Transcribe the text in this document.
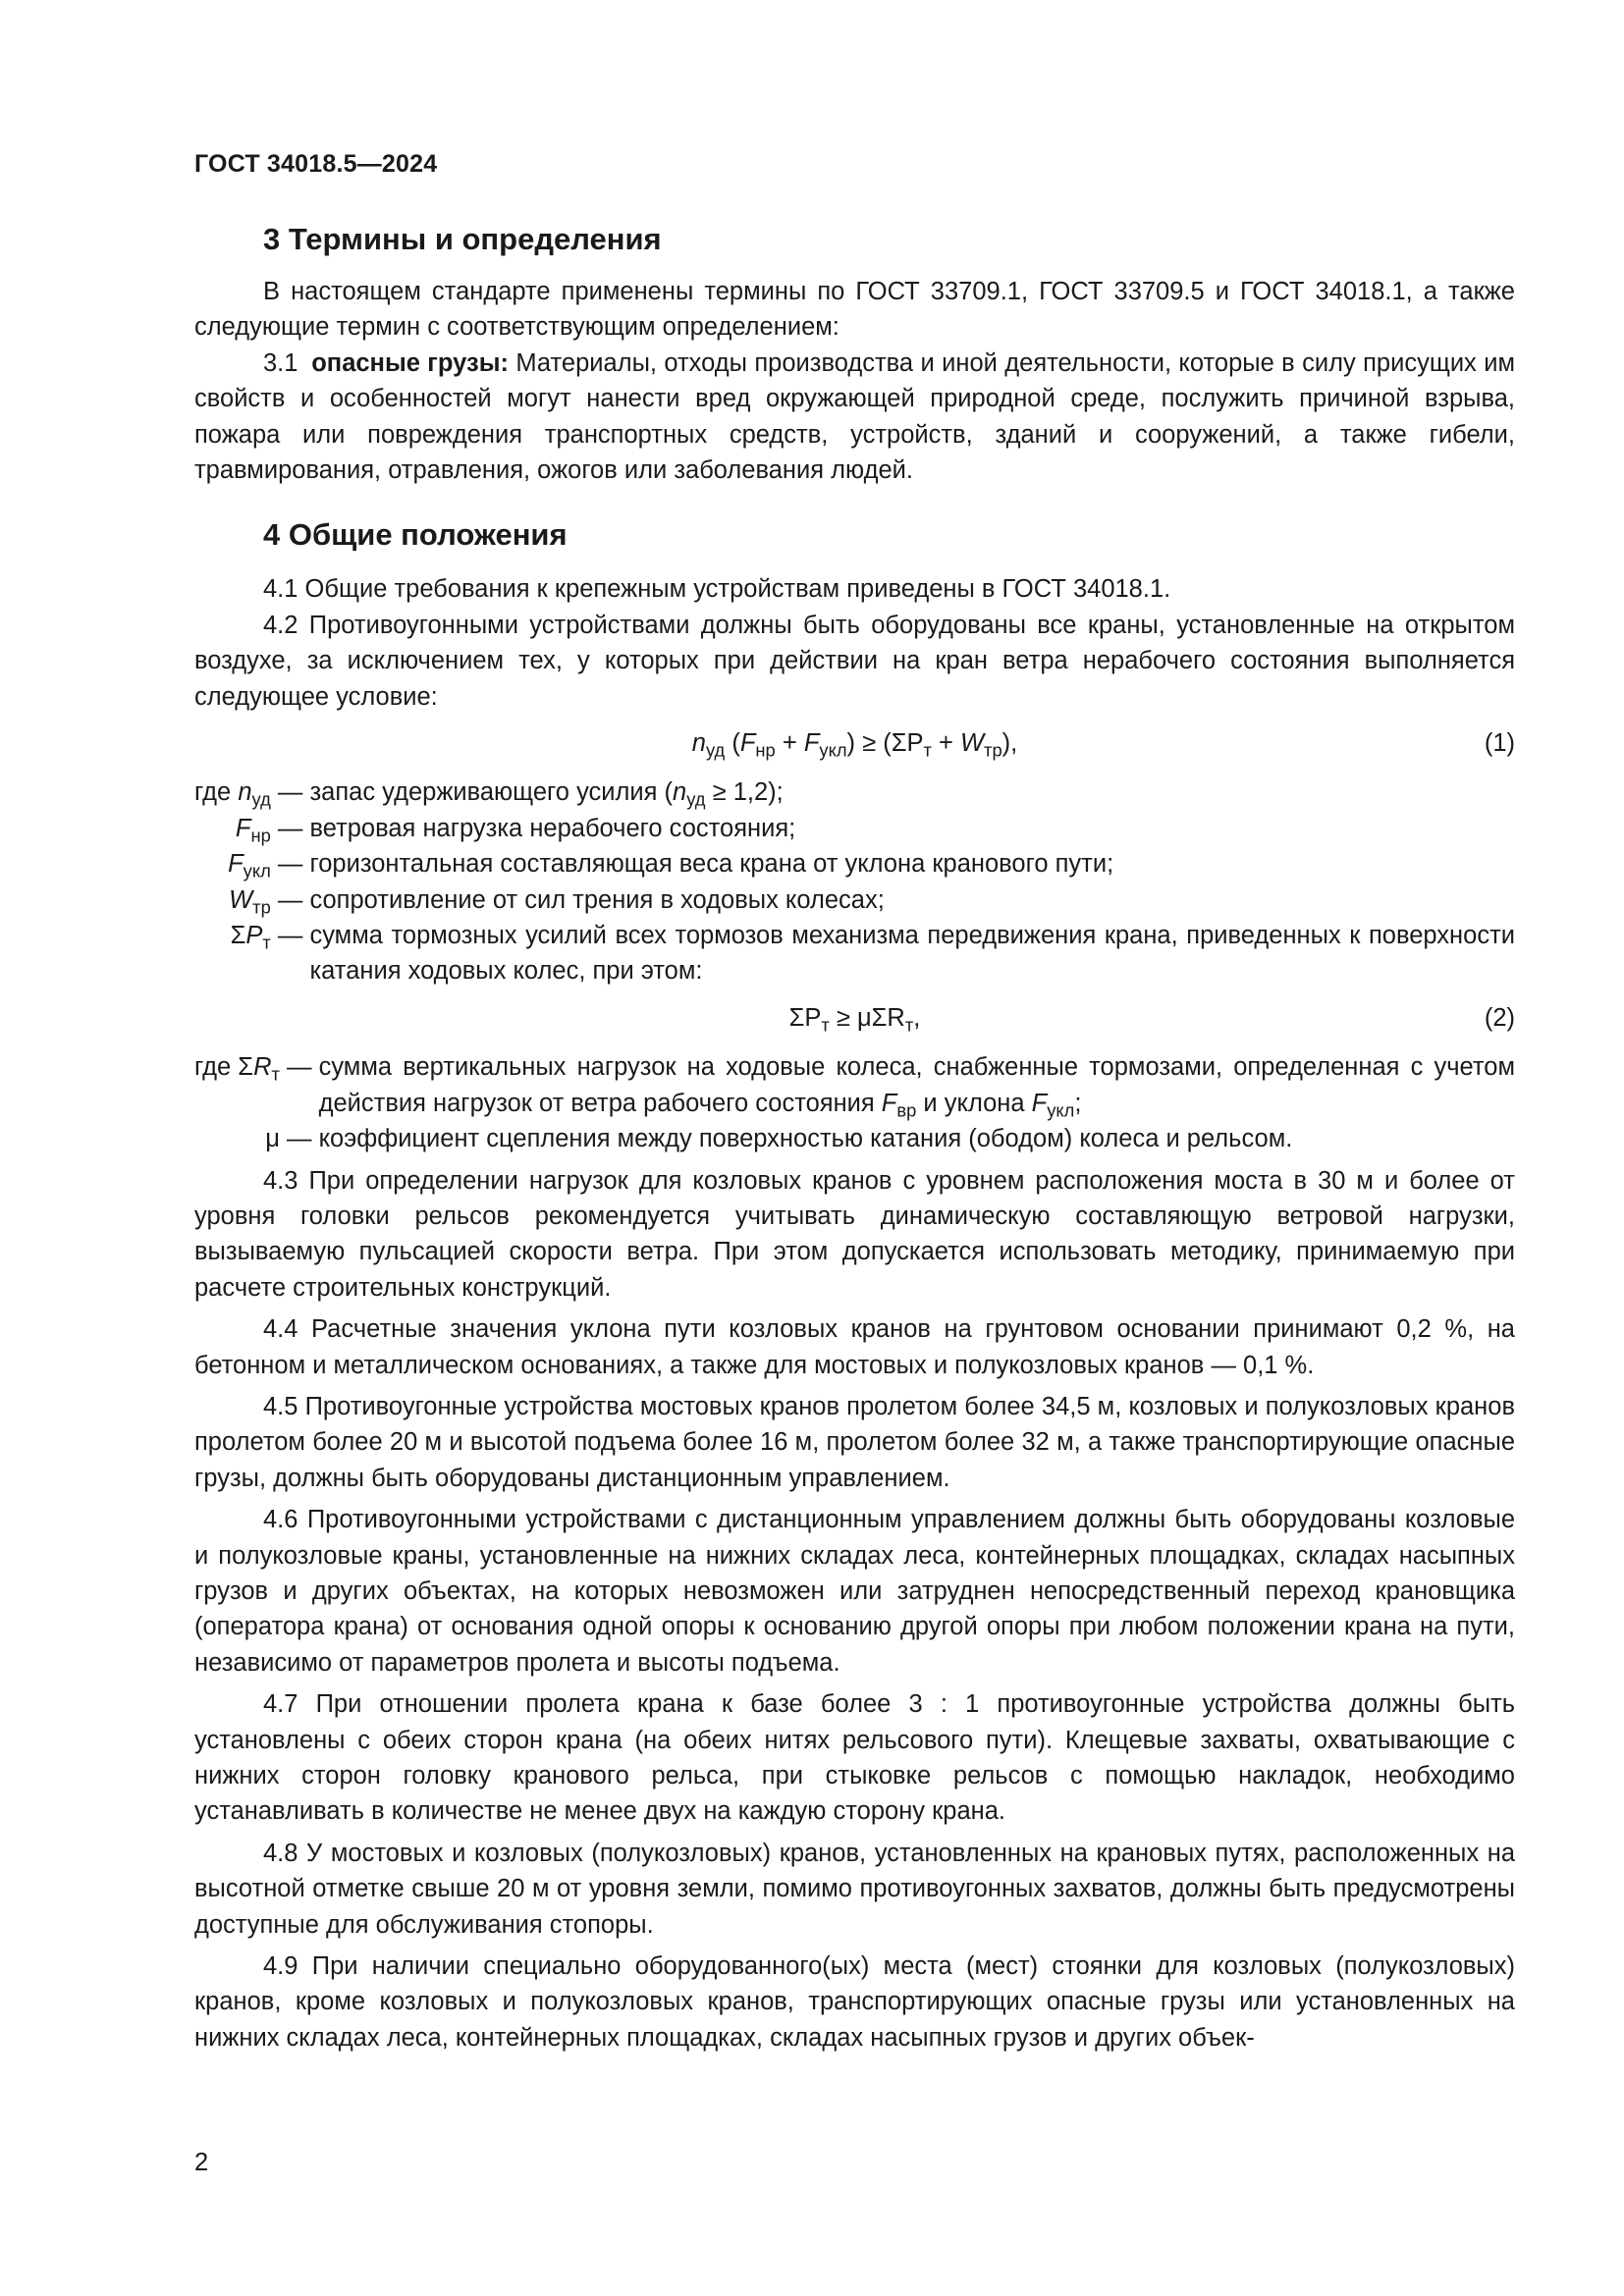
ГОСТ 34018.5—2024
3 Термины и определения

В настоящем стандарте применены термины по ГОСТ 33709.1, ГОСТ 33709.5 и ГОСТ 34018.1, а также следующие термин с соответствующим определением:

3.1 опасные грузы: Материалы, отходы производства и иной деятельности, которые в силу присущих им свойств и особенностей могут нанести вред окружающей природной среде, послужить причиной взрыва, пожара или повреждения транспортных средств, устройств, зданий и сооружений, а также гибели, травмирования, отравления, ожогов или заболевания людей.

4 Общие положения

4.1 Общие требования к крепежным устройствам приведены в ГОСТ 34018.1.

4.2 Противоугонными устройствами должны быть оборудованы все краны, установленные на открытом воздухе, за исключением тех, у которых при действии на кран ветра нерабочего состояния выполняется следующее условие:

$n_{уд}$ $(F_{нр} + F_{укл}) \ge (\Sigma P_т + W_{тр})$,	(1)
где $n_{уд}$ — запас удерживающего усилия $(n_{уд} \ge 1,2)$;
$F_{нр}$ — ветровая нагрузка нерабочего состояния;
$F_{укл}$ — горизонтальная составляющая веса крана от уклона кранового пути;
$W_{тр}$ — сопротивление от сил трения в ходовых колесах;
$\Sigma P_т$ — сумма тормозных усилий всех тормозов механизма передвижения крана, приведенных к поверхности катания ходовых колес, при этом:
$\Sigma P_т \ge \mu\Sigma R_т$,	(2)
где $\Sigma R_т$ — сумма вертикальных нагрузок на ходовые колеса, снабженные тормозами, определенная с учетом действия нагрузок от ветра рабочего состояния $F_{вр}$ и уклона $F_{укл}$;
μ — коэффициент сцепления между поверхностью катания (ободом) колеса и рельсом.

4.3 При определении нагрузок для козловых кранов с уровнем расположения моста в 30 м и более от уровня головки рельсов рекомендуется учитывать динамическую составляющую ветровой нагрузки, вызываемую пульсацией скорости ветра. При этом допускается использовать методику, принимаемую при расчете строительных конструкций.

4.4 Расчетные значения уклона пути козловых кранов на грунтовом основании принимают 0,2 %, на бетонном и металлическом основаниях, а также для мостовых и полукозловых кранов — 0,1 %.

4.5 Противоугонные устройства мостовых кранов пролетом более 34,5 м, козловых и полукозловых кранов пролетом более 20 м и высотой подъема более 16 м, пролетом более 32 м, а также транспортирующие опасные грузы, должны быть оборудованы дистанционным управлением.

4.6 Противоугонными устройствами с дистанционным управлением должны быть оборудованы козловые и полукозловые краны, установленные на нижних складах леса, контейнерных площадках, складах насыпных грузов и других объектах, на которых невозможен или затруднен непосредственный переход крановщика (оператора крана) от основания одной опоры к основанию другой опоры при любом положении крана на пути, независимо от параметров пролета и высоты подъема.

4.7 При отношении пролета крана к базе более 3 : 1 противоугонные устройства должны быть установлены с обеих сторон крана (на обеих нитях рельсового пути). Клещевые захваты, охватывающие с нижних сторон головку кранового рельса, при стыковке рельсов с помощью накладок, необходимо устанавливать в количестве не менее двух на каждую сторону крана.

4.8 У мостовых и козловых (полукозловых) кранов, установленных на крановых путях, расположенных на высотной отметке свыше 20 м от уровня земли, помимо противоугонных захватов, должны быть предусмотрены доступные для обслуживания стопоры.

4.9 При наличии специально оборудованного(ых) места (мест) стоянки для козловых (полукозловых) кранов, кроме козловых и полукозловых кранов, транспортирующих опасные грузы или установленных на нижних складах леса, контейнерных площадках, складах насыпных грузов и других объек-

2
